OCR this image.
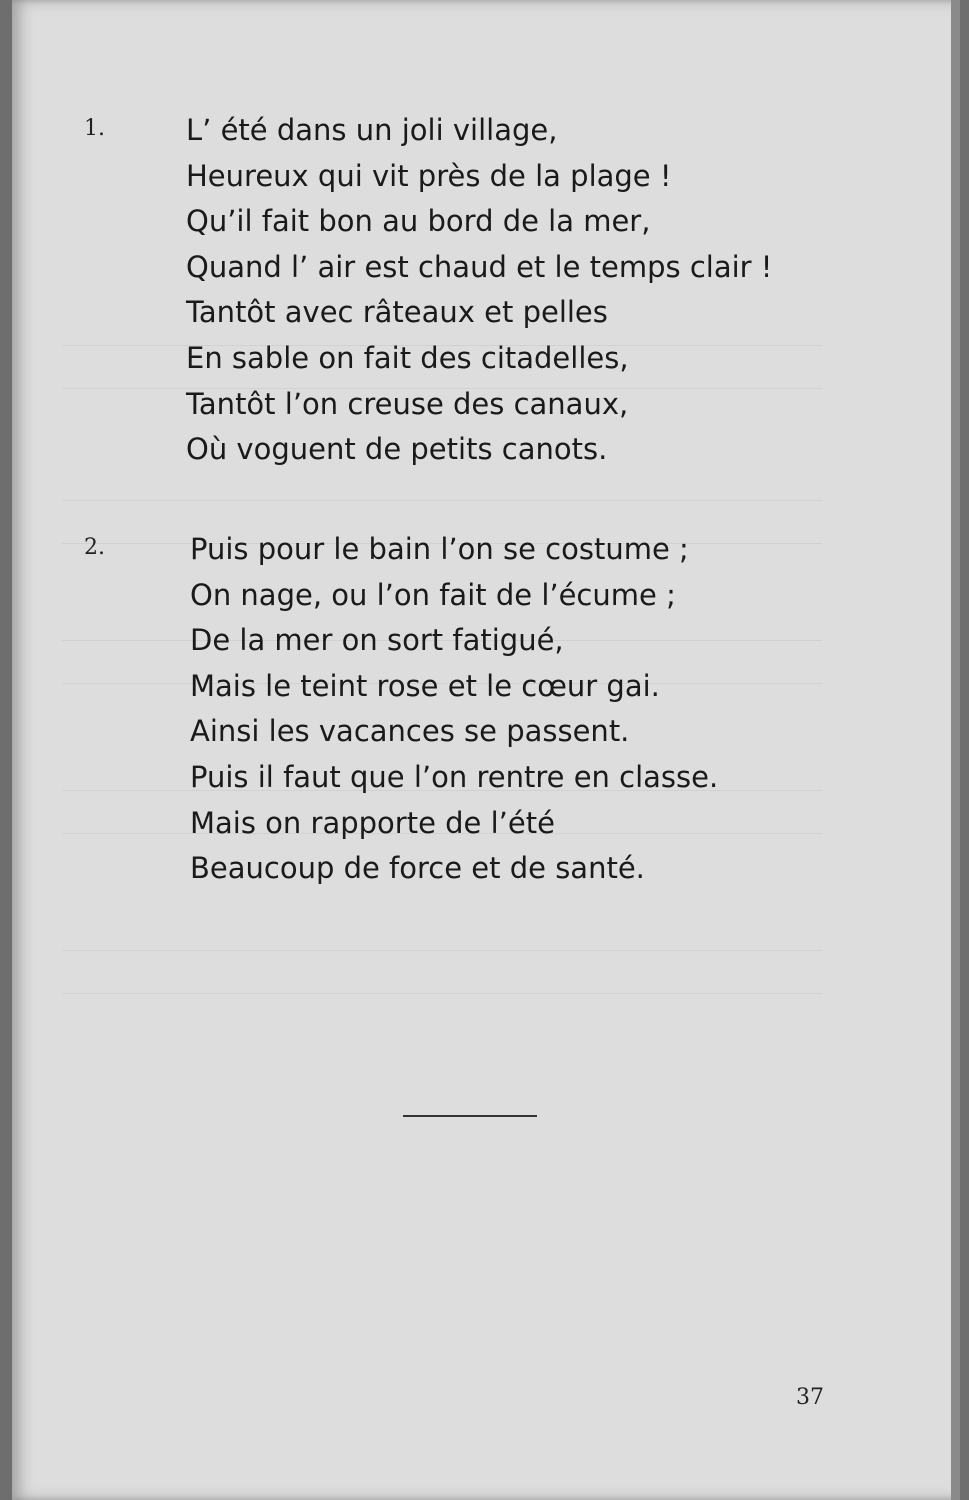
1.	L’ été dans un joli village,
Heureux qui vit près de la plage !
Qu’il fait bon au bord de la mer,
Quand l’ air est chaud et le temps clair !
Tantôt avec râteaux et pelles
En sable on fait des citadelles,
Tantôt l’on creuse des canaux,
Où voguent de petits canots.
2.	Puis pour le bain l’on se costume ;
On nage, ou l’on fait de l’écume ;
De la mer on sort fatigué,
Mais le teint rose et le cœur gai.
Ainsi les vacances se passent.
Puis il faut que l’on rentre en classe.
Mais on rapporte de l’été
Beaucoup de force et de santé.
37
